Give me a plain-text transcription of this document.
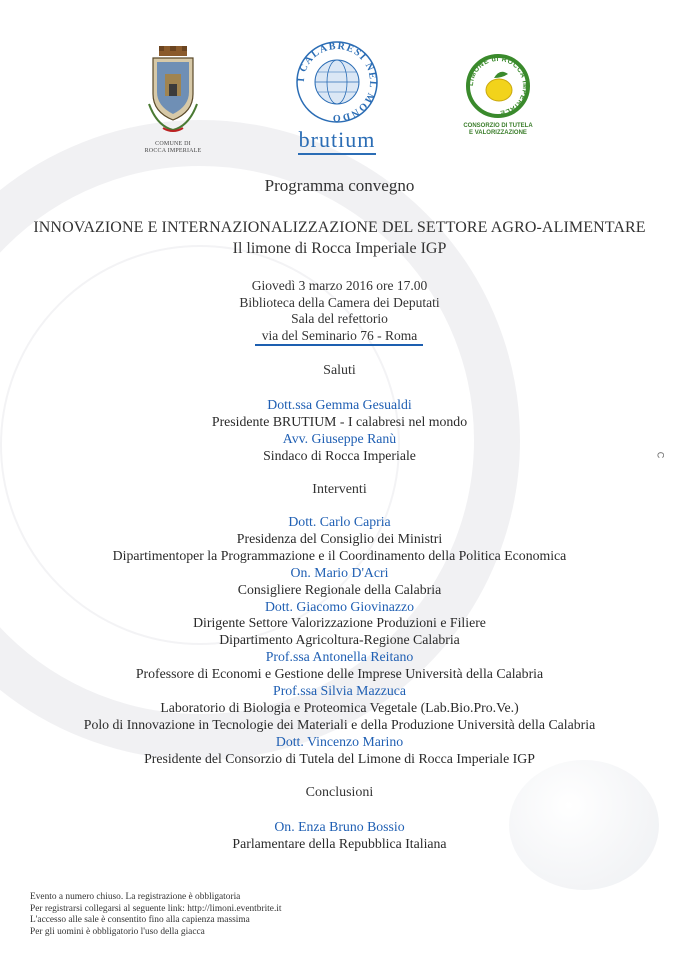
COMUNE DI
ROCCA IMPERIALE
I CALABRESI NEL MONDO
brutium
LIMONE di ROCCA IMPERIALE
CONSORZIO DI TUTELA
E VALORIZZAZIONE
Programma convegno
INNOVAZIONE E INTERNAZIONALIZZAZIONE DEL SETTORE AGRO-ALIMENTARE
Il limone di Rocca Imperiale IGP
Giovedì 3 marzo 2016 ore 17.00
Biblioteca della Camera dei Deputati
Sala del refettorio
via del Seminario 76 - Roma
Saluti
Dott.ssa Gemma Gesualdi
Presidente BRUTIUM - I calabresi nel mondo
Avv. Giuseppe Ranù
Sindaco di Rocca Imperiale
Interventi
Dott. Carlo Capria
Presidenza del Consiglio dei Ministri
Dipartimentoper la Programmazione e il Coordinamento della Politica Economica
On. Mario D'Acri
Consigliere Regionale della Calabria
Dott. Giacomo Giovinazzo
Dirigente Settore Valorizzazione Produzioni e Filiere
Dipartimento Agricoltura-Regione Calabria
Prof.ssa Antonella Reitano
Professore di Economi e Gestione delle Imprese Università della Calabria
Prof.ssa Silvia Mazzuca
Laboratorio di Biologia e Proteomica Vegetale (Lab.Bio.Pro.Ve.)
Polo di Innovazione in Tecnologie dei Materiali e della Produzione Università della Calabria
Dott. Vincenzo Marino
Presidente del Consorzio di Tutela del Limone di Rocca Imperiale IGP
Conclusioni
On. Enza Bruno Bossio
Parlamentare della Repubblica Italiana
C
Evento a numero chiuso. La registrazione è obbligatoria
Per registrarsi collegarsi al seguente link: http://limoni.eventbrite.it
L'accesso alle sale è consentito fino alla capienza massima
Per gli uomini è obbligatorio l'uso della giacca
